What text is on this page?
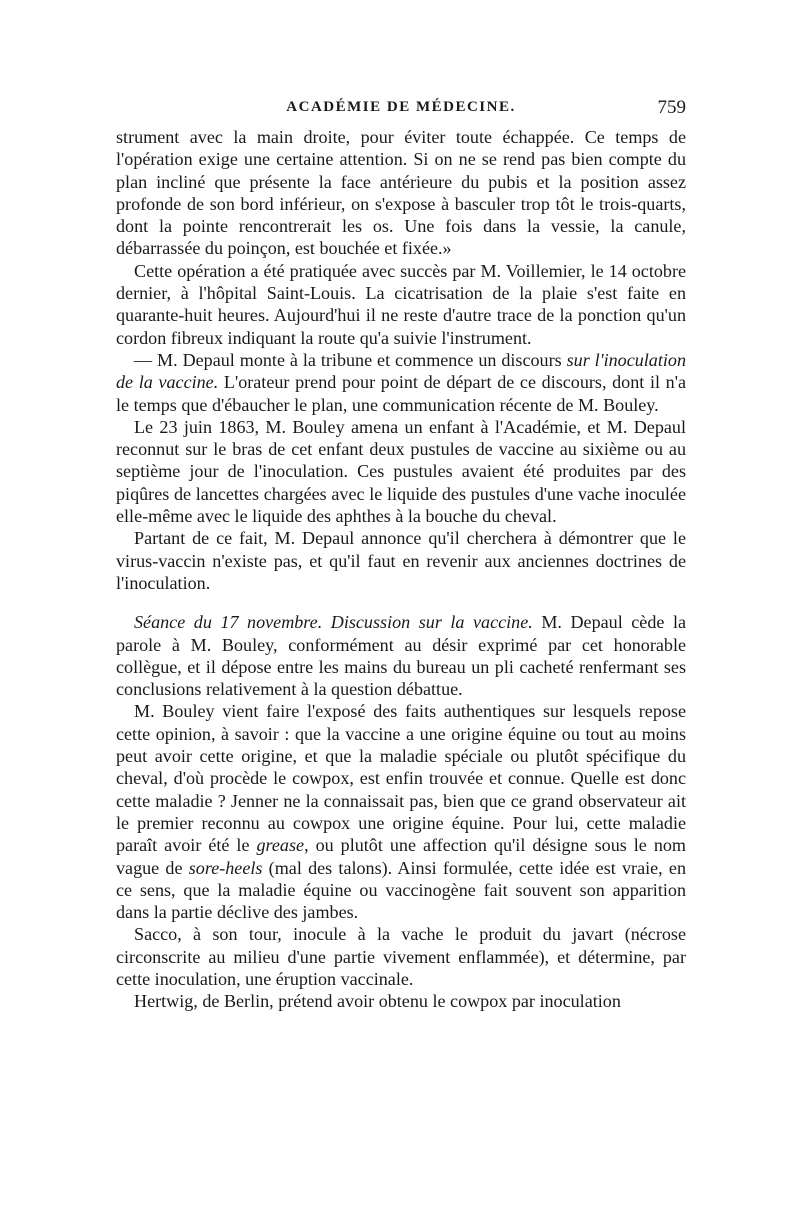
ACADÉMIE DE MÉDECINE.	759

strument avec la main droite, pour éviter toute échappée. Ce temps de l'opération exige une certaine attention. Si on ne se rend pas bien compte du plan incliné que présente la face antérieure du pubis et la position assez profonde de son bord inférieur, on s'expose à basculer trop tôt le trois-quarts, dont la pointe rencontrerait les os. Une fois dans la vessie, la canule, débarrassée du poinçon, est bouchée et fixée.»

Cette opération a été pratiquée avec succès par M. Voillemier, le 14 octobre dernier, à l'hôpital Saint-Louis. La cicatrisation de la plaie s'est faite en quarante-huit heures. Aujourd'hui il ne reste d'autre trace de la ponction qu'un cordon fibreux indiquant la route qu'a suivie l'instrument.

— M. Depaul monte à la tribune et commence un discours sur l'inoculation de la vaccine. L'orateur prend pour point de départ de ce discours, dont il n'a le temps que d'ébaucher le plan, une communication récente de M. Bouley.

Le 23 juin 1863, M. Bouley amena un enfant à l'Académie, et M. Depaul reconnut sur le bras de cet enfant deux pustules de vaccine au sixième ou au septième jour de l'inoculation. Ces pustules avaient été produites par des piqûres de lancettes chargées avec le liquide des pustules d'une vache inoculée elle-même avec le liquide des aphthes à la bouche du cheval.

Partant de ce fait, M. Depaul annonce qu'il cherchera à démontrer que le virus-vaccin n'existe pas, et qu'il faut en revenir aux anciennes doctrines de l'inoculation.

Séance du 17 novembre. Discussion sur la vaccine. M. Depaul cède la parole à M. Bouley, conformément au désir exprimé par cet honorable collègue, et il dépose entre les mains du bureau un pli cacheté renfermant ses conclusions relativement à la question débattue.

M. Bouley vient faire l'exposé des faits authentiques sur lesquels repose cette opinion, à savoir : que la vaccine a une origine équine ou tout au moins peut avoir cette origine, et que la maladie spéciale ou plutôt spécifique du cheval, d'où procède le cowpox, est enfin trouvée et connue. Quelle est donc cette maladie ? Jenner ne la connaissait pas, bien que ce grand observateur ait le premier reconnu au cowpox une origine équine. Pour lui, cette maladie paraît avoir été le grease, ou plutôt une affection qu'il désigne sous le nom vague de sore-heels (mal des talons). Ainsi formulée, cette idée est vraie, en ce sens, que la maladie équine ou vaccinogène fait souvent son apparition dans la partie déclive des jambes.

Sacco, à son tour, inocule à la vache le produit du javart (nécrose circonscrite au milieu d'une partie vivement enflammée), et détermine, par cette inoculation, une éruption vaccinale.

Hertwig, de Berlin, prétend avoir obtenu le cowpox par inoculation
